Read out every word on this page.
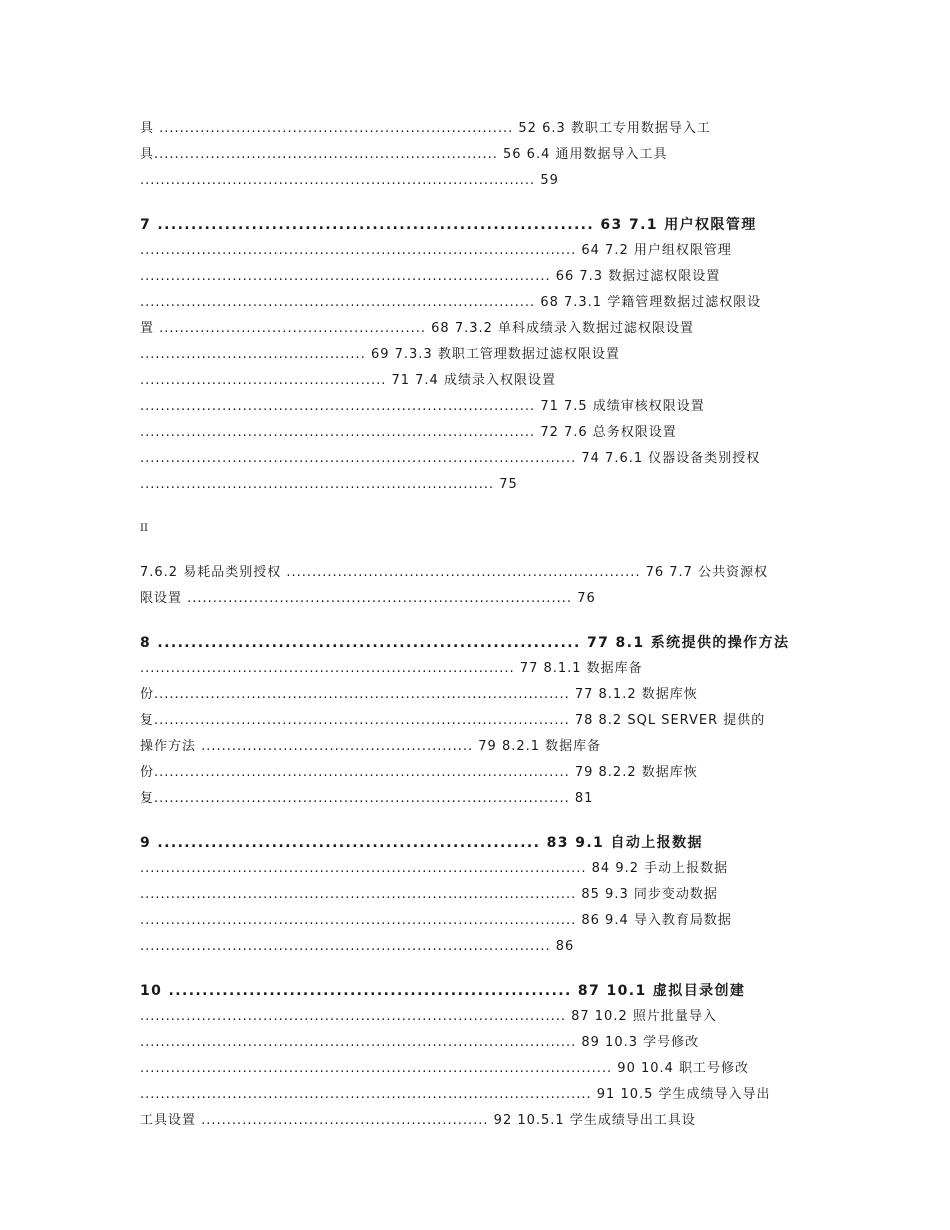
具 ..................................................................... 52 6.3 教职工专用数据导入工
具................................................................... 56 6.4 通用数据导入工具
............................................................................. 59
7 ................................................................. 63 7.1 用户权限管理
..................................................................................... 64 7.2 用户组权限管理
................................................................................ 66 7.3 数据过滤权限设置
............................................................................. 68 7.3.1 学籍管理数据过滤权限设
置 .................................................... 68 7.3.2 单科成绩录入数据过滤权限设置
............................................ 69 7.3.3 教职工管理数据过滤权限设置
................................................ 71 7.4 成绩录入权限设置
............................................................................. 71 7.5 成绩审核权限设置
............................................................................. 72 7.6 总务权限设置
..................................................................................... 74 7.6.1 仪器设备类别授权
..................................................................... 75
II
7.6.2 易耗品类别授权 ..................................................................... 76 7.7 公共资源权
限设置 ........................................................................... 76
8 ............................................................... 77 8.1 系统提供的操作方法
......................................................................... 77 8.1.1 数据库备
份................................................................................. 77 8.1.2 数据库恢
复................................................................................. 78 8.2 SQL SERVER 提供的
操作方法 ..................................................... 79 8.2.1 数据库备
份................................................................................. 79 8.2.2 数据库恢
复................................................................................. 81
9 ......................................................... 83 9.1 自动上报数据
....................................................................................... 84 9.2 手动上报数据
..................................................................................... 85 9.3 同步变动数据
..................................................................................... 86 9.4 导入教育局数据
................................................................................ 86
10 ............................................................ 87 10.1 虚拟目录创建
................................................................................... 87 10.2 照片批量导入
..................................................................................... 89 10.3 学号修改
............................................................................................ 90 10.4 职工号修改
........................................................................................ 91 10.5 学生成绩导入导出
工具设置 ........................................................ 92 10.5.1 学生成绩导出工具设
